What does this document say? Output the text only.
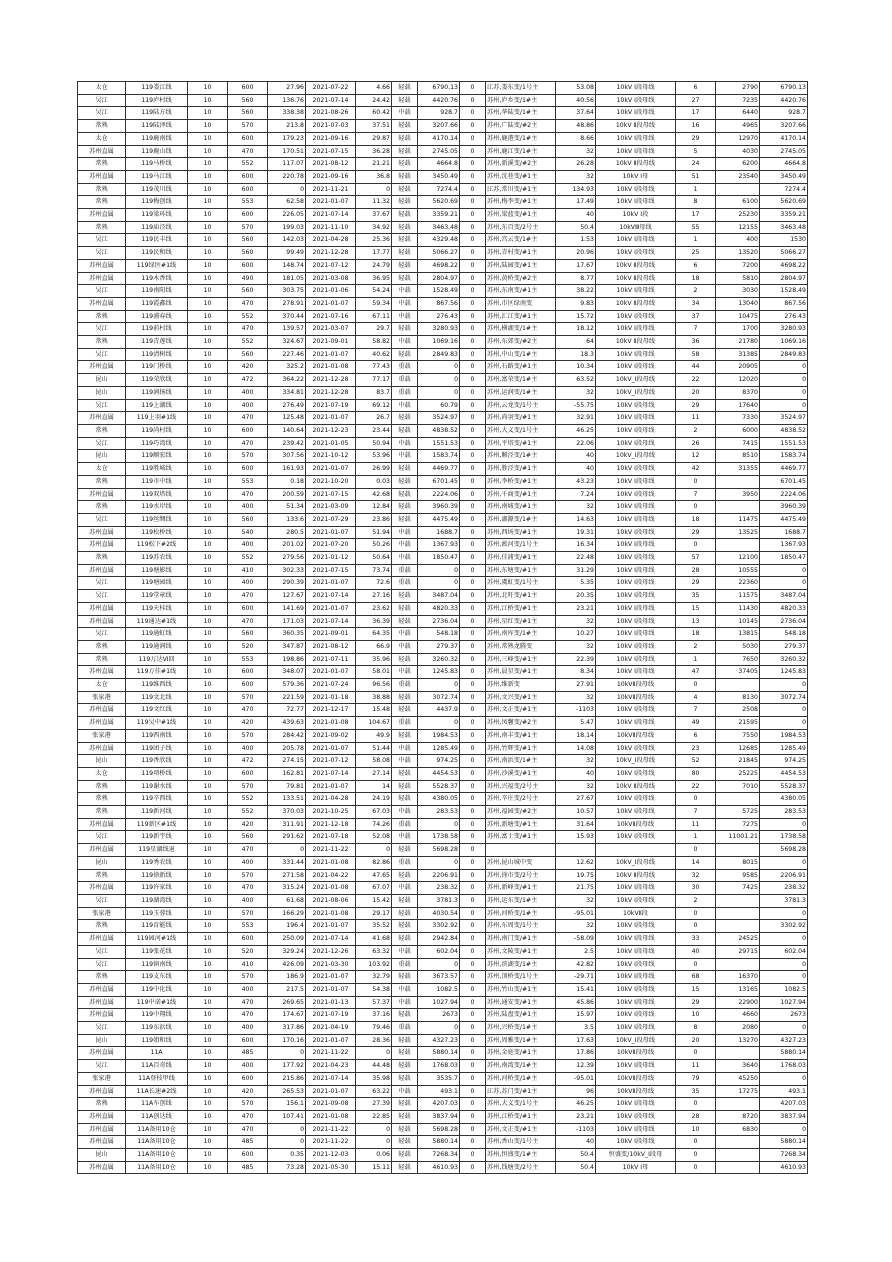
太仓	119娄江线	10	600	27.96	2021-07-22	4.66	轻载	6790.13	0	江苏,娄东变/1号主	53.08	10kV Ⅰ段母线	6	2790	6790.13
吴江	119庐村线	10	560	136.76	2021-07-14	24.42	轻载	4420.76	0	苏州,庐乡变/1#主	40.56	10kV Ⅰ段母线	27	7235	4420.76
吴江	119陆方线	10	560	338.38	2021-08-26	60.42	中载	928.7	0	苏州,华陆变/1#主	37.64	10kV Ⅰ段母线	17	6440	928.7
常熟	119陆泽线	10	570	213.8	2021-07-03	37.51	轻载	3207.66	0	苏州,广陆变/#2主	48.86	10kV Ⅱ段母线	16	4965	3207.66
太仓	119鹿南线	10	600	179.23	2021-09-16	29.87	轻载	4170.14	0	苏州,鹿港变/1#主	8.66	10kV Ⅰ段母线	29	12970	4170.14
苏州直属	119鹿山线	10	470	170.51	2021-07-15	36.28	轻载	2745.05	0	苏州,鹿江变/1#主	32	10kV Ⅰ段母线	5	4030	2745.05
常熟	119马桥线	10	552	117.07	2021-08-12	21.21	轻载	4664.8	0	苏州,新溪变/#2主	26.28	10kV Ⅱ段母线	24	6200	4664.8
苏州直属	119马江线	10	600	220.78	2021-09-16	36.8	轻载	3450.49	0	苏州,沈巷变/#1主	32	10kV Ⅰ母	51	23540	3450.49
常熟	119茂川线	10	600	0	2021-11-21	0	轻载	7274.4	0	江苏,常川变/#1主	134.93	10kV Ⅰ段母线	1		7274.4
常熟	119梅创线	10	553	62.58	2021-01-07	11.32	轻载	5620.69	0	苏州,梅李变/#1主	17.49	10kV Ⅰ段母线	8	6100	5620.69
苏州直属	119梁环线	10	600	226.05	2021-07-14	37.67	轻载	3359.21	0	苏州,梁蓝变/#1主	40	10kV Ⅰ段	17	25230	3359.21
常熟	119庙泾线	10	570	199.03	2021-11-10	34.92	轻载	3463.48	0	苏州,东百变/2号主	50.4	10kVⅢ母线	55	12155	3463.48
吴江	119民丰线	10	560	142.03	2021-04-28	25.36	轻载	4329.48	0	苏州,宫云变/1#主	1.53	10kV Ⅰ段母线	1	400	1530
吴江	119民和线	10	560	99.49	2021-12-28	17.77	轻载	5066.27	0	苏州,青村变/#1主	20.96	10kV Ⅰ段母线	25	13520	5066.27
苏州直属	119绿医#1线	10	600	148.74	2021-07-12	24.79	轻载	4698.22	0	苏州,陆园变/#1主	17.67	10kV Ⅱ段母线	6	7200	4698.22
苏州直属	119木香线	10	490	181.05	2021-03-08	36.95	轻载	2804.97	0	苏州,黄桥变/#2主	8.77	10kV Ⅱ段母线	18	5810	2804.97
吴江	119南阳线	10	560	303.75	2021-01-06	54.24	中载	1528.49	0	苏州,东南变/#1主	38.22	10kV Ⅰ段母线	2	3030	1528.49
苏州直属	119霞鑫线	10	470	278.91	2021-01-07	59.34	中载	867.56	0	苏州,市区绿南变	9.83	10kV Ⅱ段母线	34	13040	867.56
常熟	119浦春线	10	552	370.44	2021-07-16	67.11	中载	276.43	0	苏州,汇江变/#1主	15.72	10kV Ⅰ段母线	37	10475	276.43
吴江	119前村线	10	470	139.57	2021-03-07	29.7	轻载	3280.93	0	苏州,横湖变/1#主	18.12	10kV Ⅰ段母线	7	1700	3280.93
常熟	119青莲线	10	552	324.67	2021-09-01	58.82	中载	1069.16	0	苏州,东郊变/#2主	64	10kV Ⅱ段母线	36	21780	1069.16
吴江	119清树线	10	560	227.46	2021-01-07	40.62	轻载	2849.83	0	苏州,中山变/1#主	18.3	10kV Ⅰ段母线	58	31385	2849.83
苏州直属	119门桥线	10	420	325.2	2021-01-08	77.43	重载	0	0	苏州,石路变/#1主	10.34	10kV Ⅰ段母线	44	20905	0
昆山	119荣欣线	10	472	364.22	2021-12-28	77.17	重载	0	0	苏州,富荣变/1#主	63.52	10kV_Ⅰ段母线	22	12020	0
昆山	119润扬线	10	400	334.81	2021-12-28	83.7	重载	0	0	苏州,运润变/1#主	32	10kV_Ⅰ段母线	20	8370	0
吴江	119上湖线	10	400	276.49	2021-07-19	69.12	中载	60.79	0	苏州,云龙变/1号主	-55.75	10kV Ⅰ段母线	29	17640	0
苏州直属	119上羽#1线	10	470	125.48	2021-01-07	26.7	轻载	3524.97	0	苏州,尚羽变/#1主	32.91	10kV Ⅰ段母线	11	7330	3524.97
常熟	119尚村线	10	600	140.64	2021-12-23	23.44	轻载	4838.52	0	苏州,大义变/1号主	46.25	10kV Ⅰ段母线	2	6000	4838.52
吴江	119巧湾线	10	470	239.42	2021-01-05	50.94	中载	1551.53	0	苏州,平塔变/#1主	22.06	10kV Ⅰ段母线	26	7415	1551.53
昆山	119顺宏线	10	570	307.56	2021-10-12	53.96	中载	1583.74	0	苏州,顺泾变/1#主	40	10kV_Ⅰ段母线	12	8510	1583.74
太仓	119胜城线	10	600	161.93	2021-01-07	26.99	轻载	4469.77	0	苏州,胜泾变/#1主	40	10kV Ⅰ段母线	42	31355	4469.77
常熟	119市中线	10	553	0.18	2021-10-20	0.03	轻载	6701.45	0	苏州,李桥变/#1主	43.23	10kV Ⅰ段母线	0		6701.45
苏州直属	119双塔线	10	470	200.59	2021-07-15	42.68	轻载	2224.06	0	苏州,千商变/#1主	7.24	10kV Ⅰ段母线	7	3950	2224.06
常熟	119水岸线	10	400	51.34	2021-03-09	12.84	轻载	3960.39	0	苏州,南城变/#1主	32	10kV Ⅰ段母线	0		3960.39
吴江	119丝绸线	10	560	133.6	2021-07-29	23.86	轻载	4475.49	0	苏州,湖源变/1#主	14.63	10kV Ⅰ段母线	18	11475	4475.49
苏州直属	119松桥线	10	540	280.5	2021-01-07	51.94	中载	1688.7	0	苏州,西场变/#1主	19.31	10kV Ⅰ段母线	29	13525	1688.7
苏州直属	119松下#2线	10	400	201.02	2021-07-20	50.26	中载	1367.93	0	苏州,淞河变/1号主	16.34	10kV Ⅰ段母线	0		1367.93
常熟	119苏农线	10	552	279.56	2021-01-12	50.64	中载	1850.47	0	苏州,佳浦变/#1主	22.48	10kV Ⅰ段母线	57	12100	1850.47
苏州直属	119塘影线	10	410	302.33	2021-07-15	73.74	重载	0	0	苏州,东塘变/#1主	31.29	10kV Ⅰ段母线	28	10555	0
吴江	119塘园线	10	400	290.39	2021-01-07	72.6	重载	0	0	苏州,虞虹变/1号主	5.35	10kV Ⅰ段母线	29	22360	0
吴江	119堂章线	10	470	127.67	2021-07-14	27.16	轻载	3487.04	0	苏州,北吁变/#1主	20.35	10kV Ⅰ段母线	35	11575	3487.04
苏州直属	119天桂线	10	600	141.69	2021-01-07	23.62	轻载	4820.33	0	苏州,江桥变/#1主	23.21	10kV Ⅰ段母线	15	11430	4820.33
苏州直属	119通达#1线	10	470	171.03	2021-07-14	36.39	轻载	2736.04	0	苏州,星红变/#1主	32	10kV Ⅰ段母线	13	10145	2736.04
吴江	119通虹线	10	560	360.35	2021-09-01	64.35	中载	548.18	0	苏州,南库变/1#主	10.27	10kV Ⅰ段母线	18	13815	548.18
常熟	119通润线	10	520	347.87	2021-08-12	66.9	中载	279.37	0	苏州,常熟龙腾变	32	10kV Ⅰ段母线	2	5030	279.37
常熟	119万达Ⅵ回	10	553	198.86	2021-07-11	35.96	轻载	3260.32	0	苏州,三峰变/#1主	22.39	10kV Ⅰ段母线	1	7650	3260.32
苏州直属	119万佳#1线	10	600	348.07	2021-01-07	58.01	中载	1245.83	0	苏州,晨星变/#1主	8.34	10kV Ⅰ段母线	47	37405	1245.83
太仓	119维西线	10	600	579.36	2021-07-24	96.56	重载	0	0	苏州,维新变	27.91	10kVⅡ段母线	0		0
张家港	119文北线	10	570	221.59	2021-01-18	38.88	轻载	3072.74	0	苏州,文兴变/#1主	32	10kVⅡ段母线	4	8130	3072.74
苏州直属	119文红线	10	470	72.77	2021-12-17	15.48	轻载	4437.9	0	苏州,文正变/#1主	-1103	10kV Ⅰ段母线	7	2508	0
苏州直属	119吴中#1线	10	420	439.63	2021-01-08	104.67	重载	0	0	苏州,凤馨变/#2主	5.47	10kV Ⅰ段母线	49	21595	0
张家港	119西南线	10	570	284.42	2021-09-02	49.9	轻载	1984.53	0	苏州,南丰变/#1主	18.14	10kVⅡ段母线	6	7550	1984.53
苏州直属	119团子线	10	400	205.78	2021-01-07	51.44	中载	1285.49	0	苏州,竹辉变/#1主	14.08	10kV Ⅰ段母线	23	12685	1285.49
昆山	119香欣线	10	472	274.15	2021-07-12	58.08	中载	974.25	0	苏州,南浜变/1#主	32	10kV_Ⅰ段母线	52	21845	974.25
太仓	119项桥线	10	600	162.81	2021-07-14	27.14	轻载	4454.53	0	苏州,沙溪变/#1主	40	10kV Ⅰ段母线	80	25225	4454.53
常熟	119谢水线	10	570	79.81	2021-01-07	14	轻载	5528.37	0	苏州,兴福变/2号主	32	10kV Ⅱ段母线	22	7010	5528.37
常熟	119辛西线	10	552	133.51	2021-04-28	24.19	轻载	4380.05	0	苏州,辛庄变/2号主	27.67	10kV Ⅰ段母线	0		4380.05
常熟	119新河线	10	552	370.03	2021-10-25	67.03	中载	283.53	0	苏州,福园变/#2主	10.57	10kV Ⅰ段母线	7	5725	283.53
苏州直属	119新区#1线	10	420	311.91	2021-12-18	74.26	重载	0	0	苏州,新塘变/#1主	31.64	10kVⅡ段母线	11	7275	0
吴江	119新宇线	10	560	291.62	2021-07-18	52.08	中载	1738.58	0	苏州,富士变/#1主	15.93	10kV Ⅰ段母线	1	11001.21	1738.58
苏州直属	119星湖线退	10	470	0	2021-11-22	0	轻载	5698.28	0				0		5698.28
昆山	119秀农线	10	400	331.44	2021-01-08	82.86	重载	0	0	苏州,昆山城中变	12.62	10kV_Ⅰ段母线	14	8015	0
常熟	119徐新线	10	570	271.58	2021-04-22	47.65	轻载	2206.91	0	苏州,徐市变/2号主	19.75	10kV Ⅱ段母线	32	9585	2206.91
苏州直属	119许家线	10	470	315.24	2021-01-08	67.07	中载	238.32	0	苏州,新峰变/#1主	21.75	10kV Ⅰ段母线	30	7425	238.32
吴江	119湖湾线	10	400	61.68	2021-08-06	15.42	轻载	3781.3	0	苏州,运东变/1#主	32	10kV Ⅰ段母线	2		3781.3
张家港	119玉蓉线	10	570	166.29	2021-01-08	29.17	轻载	4030.54	0	苏州,河桥变/1#主	-95.01	10kVⅡ段	0		0
常熟	119育能线	10	553	196.4	2021-01-07	35.52	轻载	3302.92	0	苏州,东周变/1号主	32	10kV Ⅰ段母线	0		3302.92
苏州直属	119园河#1线	10	600	250.09	2021-07-14	41.68	轻载	2942.84	0	苏州,南门变/#1主	-58.09	10kV Ⅰ段母线	33	24525	0
吴江	119张花线	10	520	329.24	2021-12-26	63.32	中载	602.04	0	苏州,文陵变/#1主	2.5	10kV Ⅰ段母线	40	29715	602.04
吴江	119镇南线	10	410	426.09	2021-03-30	103.92	重载	0	0	苏州,滨湖变/1#主	42.82	10kV Ⅰ段母线	0		0
常熟	119支东线	10	570	186.9	2021-01-07	32.79	轻载	3673.57	0	苏州,顶桥变/1号主	-29.71	10kV Ⅰ段母线	68	16370	0
苏州直属	119中化线	10	400	217.5	2021-01-07	54.38	中载	1082.5	0	苏州,竹山变/#1主	15.41	10kV Ⅰ段母线	15	13165	1082.5
苏州直属	119中诺#1线	10	470	269.65	2021-01-13	57.37	中载	1027.94	0	苏州,通安变/#1主	45.86	10kV Ⅰ段母线	29	22900	1027.94
苏州直属	119中翔线	10	470	174.67	2021-07-19	37.16	轻载	2673	0	苏州,陆盘变/#1主	15.97	10kV Ⅰ段母线	10	4660	2673
吴江	119东浜线	10	400	317.86	2021-04-19	79.46	重载	0	0	苏州,兴桥变/1#主	3.5	10kV Ⅰ段母线	8	2080	0
昆山	119姐和线	10	600	170.16	2021-01-07	28.36	轻载	4327.23	0	苏州,周雅变/1#主	17.63	10kV_Ⅰ段母线	20	13270	4327.23
苏州直属	11A	10	485	0	2021-11-22	0	轻载	5880.14	0	苏州,金庭变/#1主	17.86	10kVⅡ段母线	0		5880.14
吴江	11A百奇线	10	400	177.92	2021-04-23	44.48	轻载	1768.03	0	苏州,南湾变/1#主	12.39	10kV Ⅰ段母线	11	3640	1768.03
张家港	11A登枝甲线	10	600	215.86	2021-07-14	35.98	轻载	3535.7	0	苏州,河桥变/1#主	-95.01	10kVⅡ段母线	79	45250	0
苏州直属	11A长速#2线	10	420	265.53	2021-01-07	63.22	中载	493.1	0	江苏,苏门变/#1主	96	10kVⅡ段母线	35	17275	493.1
常熟	11A车创线	10	570	156.1	2021-09-08	27.39	轻载	4207.03	0	苏州,大义变/1号主	46.25	10kV Ⅰ段母线	0		4207.03
苏州直属	11A创达线	10	470	107.41	2021-01-08	22.85	轻载	3837.94	0	苏州,江桥变/#1主	23.21	10kV Ⅰ段母线	28	8720	3837.94
苏州直属	11A备用10仓	10	470	0	2021-11-22	0	轻载	5698.28	0	苏州,文正变/#1主	-1103	10kV Ⅰ段母线	10	6830	0
苏州直属	11A备用10仓	10	485	0	2021-11-22	0	轻载	5880.14	0	苏州,香山变/1号主	40	10kV Ⅰ段母线	0		5880.14
昆山	11A备用10仓	10	600	0.35	2021-12-03	0.06	轻载	7268.34	0	苏州,恒盛变/1#主	50.4	恒盛变/10kV_Ⅰ段母	0		7268.34
苏州直属	11A备用10仓	10	485	73.28	2021-05-30	15.11	轻载	4610.93	0	苏州,钱塘变/2号主	50.4	10kV Ⅰ母	0		4610.93
